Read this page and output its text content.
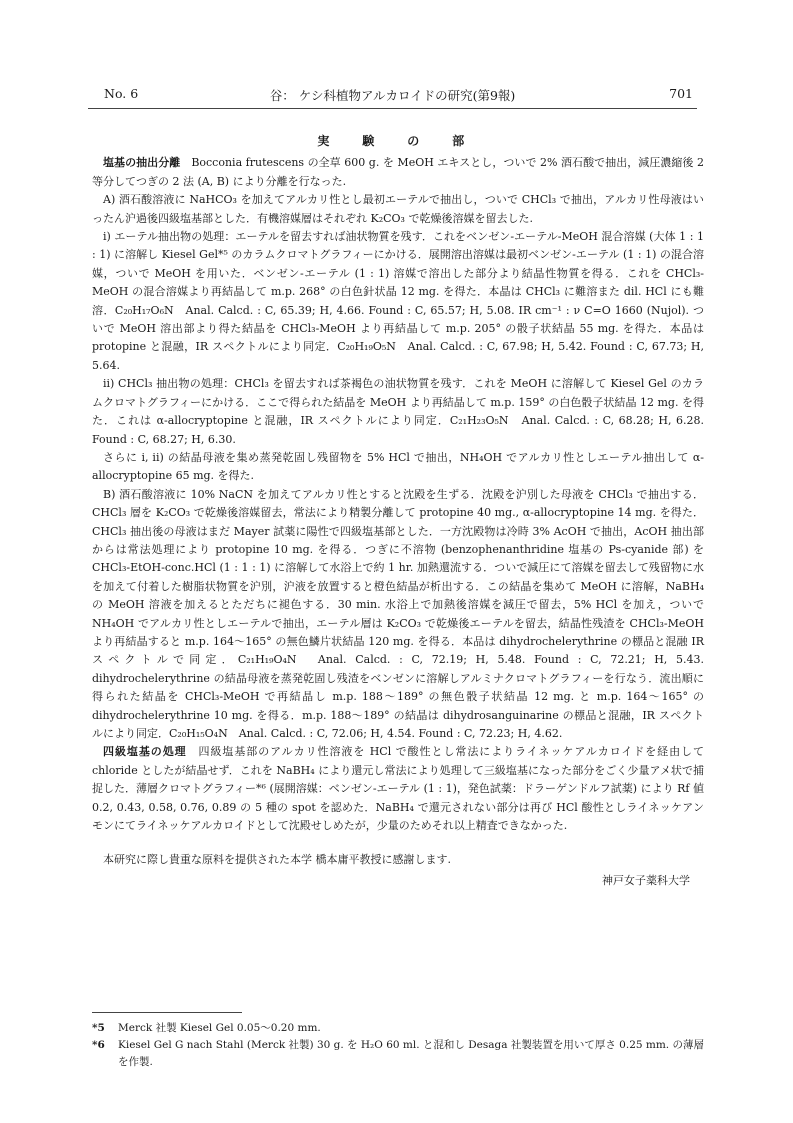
No. 6	谷： ケシ科植物アルカロイドの研究(第9報)	701
実 験 の 部

塩基の抽出分離　Bocconia frutescens の全草 600 g. を MeOH エキスとし，ついで 2% 酒石酸で抽出，減圧濃縮後 2 等分してつぎの 2 法 (A, B) により分離を行なった.

A) 酒石酸溶液に NaHCO₃ を加えてアルカリ性とし最初エーテルで抽出し，ついで CHCl₃ で抽出，アルカリ性母液はいったん沪過後四級塩基部とした．有機溶媒層はそれぞれ K₂CO₃ で乾燥後溶媒を留去した.

i) エーテル抽出物の処理：エーテルを留去すれば油状物質を残す．これをベンゼン-エーテル-MeOH 混合溶媒 (大体 1 : 1 : 1) に溶解し Kiesel Gel*⁵ のカラムクロマトグラフィーにかける．展開溶出溶媒は最初ベンゼン-エーテル (1 : 1) の混合溶媒，ついで MeOH を用いた．ベンゼン-エーテル (1 : 1) 溶媒で溶出した部分より結晶性物質を得る．これを CHCl₃-MeOH の混合溶媒より再結晶して m.p. 268° の白色針状晶 12 mg. を得た．本晶は CHCl₃ に難溶また dil. HCl にも難溶．C₂₀H₁₇O₆N　Anal. Calcd. : C, 65.39; H, 4.66. Found : C, 65.57; H, 5.08. IR cm⁻¹ : ν C=O 1660 (Nujol). ついで MeOH 溶出部より得た結晶を CHCl₃-MeOH より再結晶して m.p. 205° の骰子状結晶 55 mg. を得た．本品は protopine と混融，IR スペクトルにより同定．C₂₀H₁₉O₅N　Anal. Calcd. : C, 67.98; H, 5.42. Found : C, 67.73; H, 5.64.

ii) CHCl₃ 抽出物の処理：CHCl₃ を留去すれば茶褐色の油状物質を残す．これを MeOH に溶解して Kiesel Gel のカラムクロマトグラフィーにかける．ここで得られた結晶を MeOH より再結晶して m.p. 159° の白色骰子状結晶 12 mg. を得た．これは α-allocryptopine と混融，IR スペクトルにより同定．C₂₁H₂₃O₅N　Anal. Calcd. : C, 68.28; H, 6.28. Found : C, 68.27; H, 6.30.

さらに i, ii) の結晶母液を集め蒸発乾固し残留物を 5% HCl で抽出，NH₄OH でアルカリ性としエーテル抽出して α-allocryptopine 65 mg. を得た.

B) 酒石酸溶液に 10% NaCN を加えてアルカリ性とすると沈殿を生ずる．沈殿を沪別した母液を CHCl₃ で抽出する．CHCl₃ 層を K₂CO₃ で乾燥後溶媒留去，常法により精製分離して protopine 40 mg., α-allocryptopine 14 mg. を得た．CHCl₃ 抽出後の母液はまだ Mayer 試薬に陽性で四級塩基部とした．一方沈殿物は冷時 3% AcOH で抽出，AcOH 抽出部からは常法処理により protopine 10 mg. を得る．つぎに不溶物 (benzophenanthridine 塩基の Ps-cyanide 部) を CHCl₃-EtOH-conc.HCl (1 : 1 : 1) に溶解して水浴上で約 1 hr. 加熱還流する．ついで減圧にて溶媒を留去して残留物に水を加えて付着した樹脂状物質を沪別，沪液を放置すると橙色結晶が析出する．この結晶を集めて MeOH に溶解，NaBH₄ の MeOH 溶液を加えるとただちに褪色する．30 min. 水浴上で加熱後溶媒を減圧で留去，5% HCl を加え，ついで NH₄OH でアルカリ性としエーテルで抽出，エーテル層は K₂CO₃ で乾燥後エーテルを留去，結晶性残渣を CHCl₃-MeOH より再結晶すると m.p. 164～165° の無色鱗片状結晶 120 mg. を得る．本品は dihydrochelerythrine の標品と混融 IR スペクトルで同定．C₂₁H₁₉O₄N　Anal. Calcd. : C, 72.19; H, 5.48. Found : C, 72.21; H, 5.43. dihydrochelerythrine の結晶母液を蒸発乾固し残渣をベンゼンに溶解しアルミナクロマトグラフィーを行なう．流出順に得られた結晶を CHCl₃-MeOH で再結晶し m.p. 188～189° の無色骰子状結晶 12 mg. と m.p. 164～165° の dihydrochelerythrine 10 mg. を得る．m.p. 188～189° の結晶は dihydrosanguinarine の標品と混融，IR スペクトルにより同定．C₂₀H₁₅O₄N　Anal. Calcd. : C, 72.06; H, 4.54. Found : C, 72.23; H, 4.62.

四級塩基の処理　四級塩基部のアルカリ性溶液を HCl で酸性とし常法によりライネッケアルカロイドを経由して chloride としたが結晶せず．これを NaBH₄ により還元し常法により処理して三級塩基になった部分をごく少量アメ状で捕捉した．薄層クロマトグラフィー*⁶ (展開溶媒：ベンゼン-エーテル (1 : 1)，発色試薬：ドラーゲンドルフ試薬) により Rf 値 0.2, 0.43, 0.58, 0.76, 0.89 の 5 種の spot を認めた．NaBH₄ で還元されない部分は再び HCl 酸性としライネッケアンモンにてライネッケアルカロイドとして沈殿せしめたが，少量のためそれ以上精査できなかった.

本研究に際し貴重な原料を提供された本学 橋本庸平教授に感謝します.

神戸女子薬科大学

*5 Merck 社製 Kiesel Gel 0.05～0.20 mm.

*6 Kiesel Gel G nach Stahl (Merck 社製) 30 g. を H₂O 60 ml. と混和し Desaga 社製装置を用いて厚さ 0.25 mm. の薄層を作製.
